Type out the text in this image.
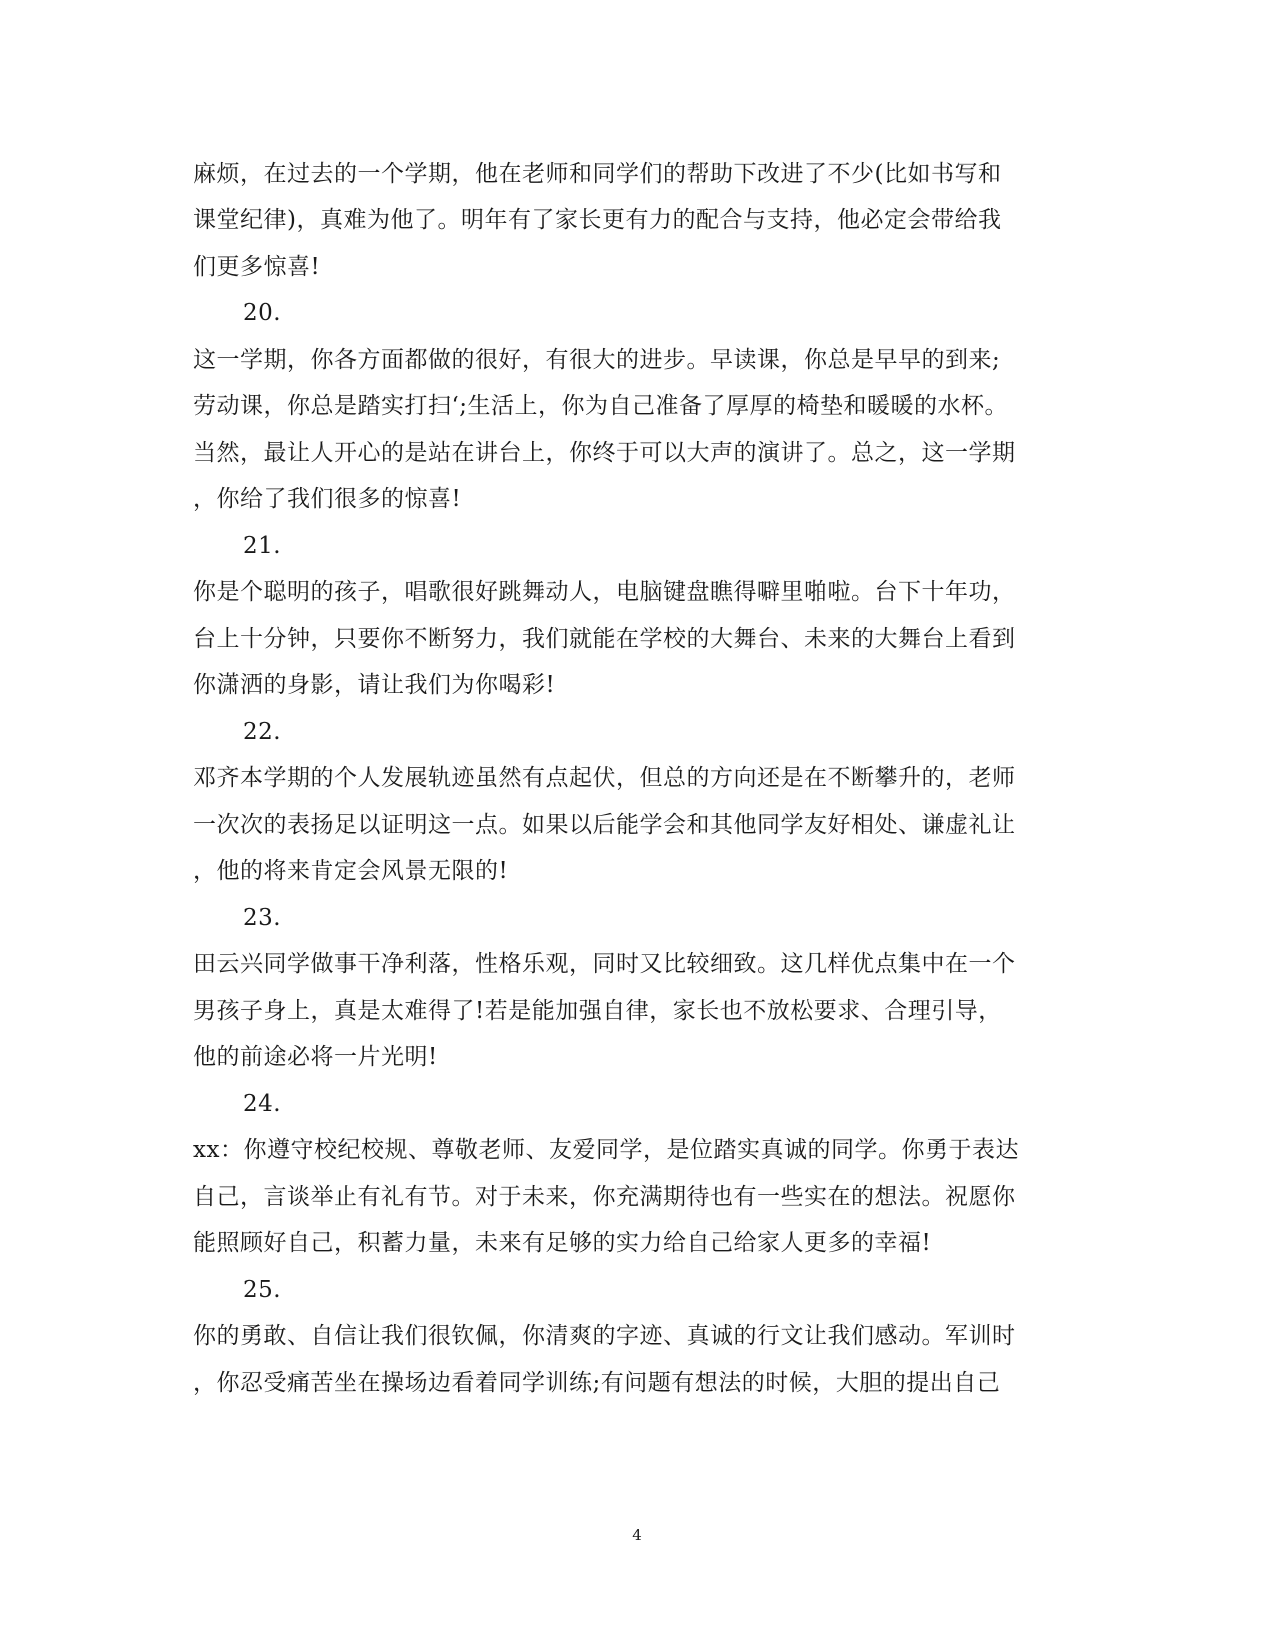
麻烦，在过去的一个学期，他在老师和同学们的帮助下改进了不少(比如书写和
课堂纪律)，真难为他了。明年有了家长更有力的配合与支持，他必定会带给我
们更多惊喜!
20.
这一学期，你各方面都做的很好，有很大的进步。早读课，你总是早早的到来;
劳动课，你总是踏实打扫‘;生活上，你为自己准备了厚厚的椅垫和暖暖的水杯。
当然，最让人开心的是站在讲台上，你终于可以大声的演讲了。总之，这一学期
，你给了我们很多的惊喜!
21.
你是个聪明的孩子，唱歌很好跳舞动人，电脑键盘瞧得噼里啪啦。台下十年功，
台上十分钟，只要你不断努力，我们就能在学校的大舞台、未来的大舞台上看到
你潇洒的身影，请让我们为你喝彩!
22.
邓齐本学期的个人发展轨迹虽然有点起伏，但总的方向还是在不断攀升的，老师
一次次的表扬足以证明这一点。如果以后能学会和其他同学友好相处、谦虚礼让
，他的将来肯定会风景无限的!
23.
田云兴同学做事干净利落，性格乐观，同时又比较细致。这几样优点集中在一个
男孩子身上，真是太难得了!若是能加强自律，家长也不放松要求、合理引导，
他的前途必将一片光明!
24.
xx：你遵守校纪校规、尊敬老师、友爱同学，是位踏实真诚的同学。你勇于表达
自己，言谈举止有礼有节。对于未来，你充满期待也有一些实在的想法。祝愿你
能照顾好自己，积蓄力量，未来有足够的实力给自己给家人更多的幸福!
25.
你的勇敢、自信让我们很钦佩，你清爽的字迹、真诚的行文让我们感动。军训时
，你忍受痛苦坐在操场边看着同学训练;有问题有想法的时候，大胆的提出自己
4
